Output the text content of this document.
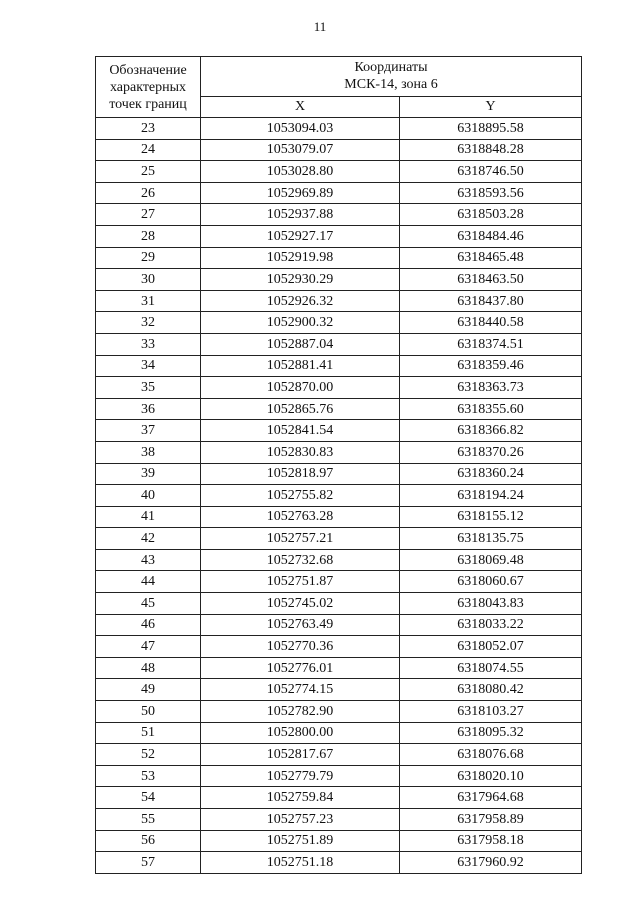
11
Обозначение характерных точек границ	Координаты
МСК-14, зона 6	

	X	Y
23	1053094.03	6318895.58
24	1053079.07	6318848.28
25	1053028.80	6318746.50
26	1052969.89	6318593.56
27	1052937.88	6318503.28
28	1052927.17	6318484.46
29	1052919.98	6318465.48
30	1052930.29	6318463.50
31	1052926.32	6318437.80
32	1052900.32	6318440.58
33	1052887.04	6318374.51
34	1052881.41	6318359.46
35	1052870.00	6318363.73
36	1052865.76	6318355.60
37	1052841.54	6318366.82
38	1052830.83	6318370.26
39	1052818.97	6318360.24
40	1052755.82	6318194.24
41	1052763.28	6318155.12
42	1052757.21	6318135.75
43	1052732.68	6318069.48
44	1052751.87	6318060.67
45	1052745.02	6318043.83
46	1052763.49	6318033.22
47	1052770.36	6318052.07
48	1052776.01	6318074.55
49	1052774.15	6318080.42
50	1052782.90	6318103.27
51	1052800.00	6318095.32
52	1052817.67	6318076.68
53	1052779.79	6318020.10
54	1052759.84	6317964.68
55	1052757.23	6317958.89
56	1052751.89	6317958.18
57	1052751.18	6317960.92
